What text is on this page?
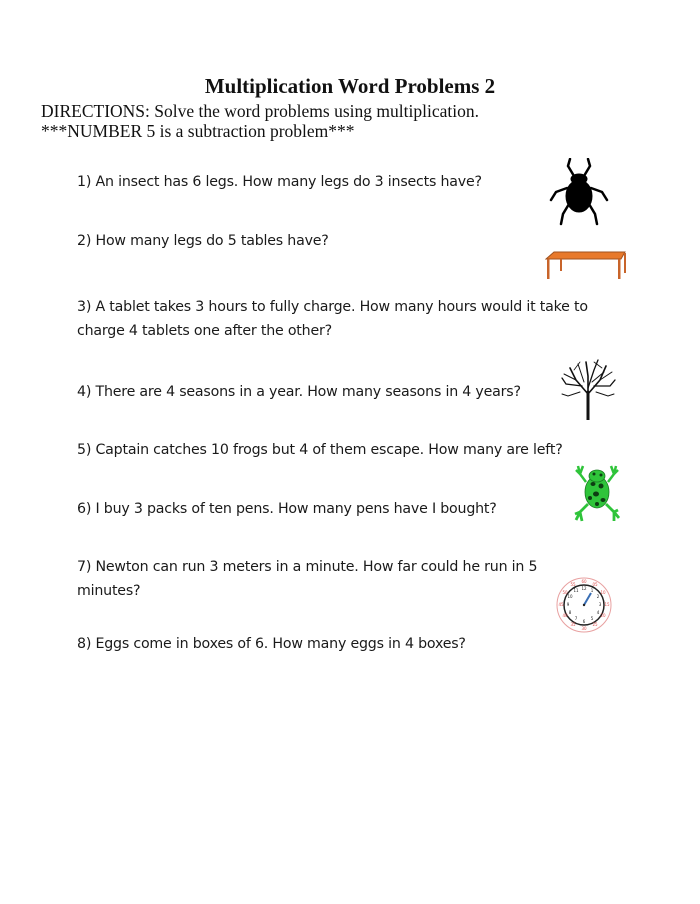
Multiplication Word Problems 2
DIRECTIONS: Solve the word problems using multiplication.
***NUMBER 5 is a subtraction problem***
1) An insect has 6 legs. How many legs do 3 insects have?
2) How many legs do 5 tables have?
3) A tablet takes 3 hours to fully charge. How many hours would it take to
charge 4 tablets one after the other?
4) There are 4 seasons in a year. How many seasons in 4 years?
5) Captain catches 10 frogs but 4 of them escape. How many are left?
6) I buy 3 packs of ten pens. How many pens have I bought?
7) Newton can run 3 meters in a minute. How far could he run in 5
minutes?
8) Eggs come in boxes of 6. How many eggs in 4 boxes?
60
05
10
15
20
25
30
35
40
45
50
55
12 1
2
3
4
5
6
7
8
9
10
11
